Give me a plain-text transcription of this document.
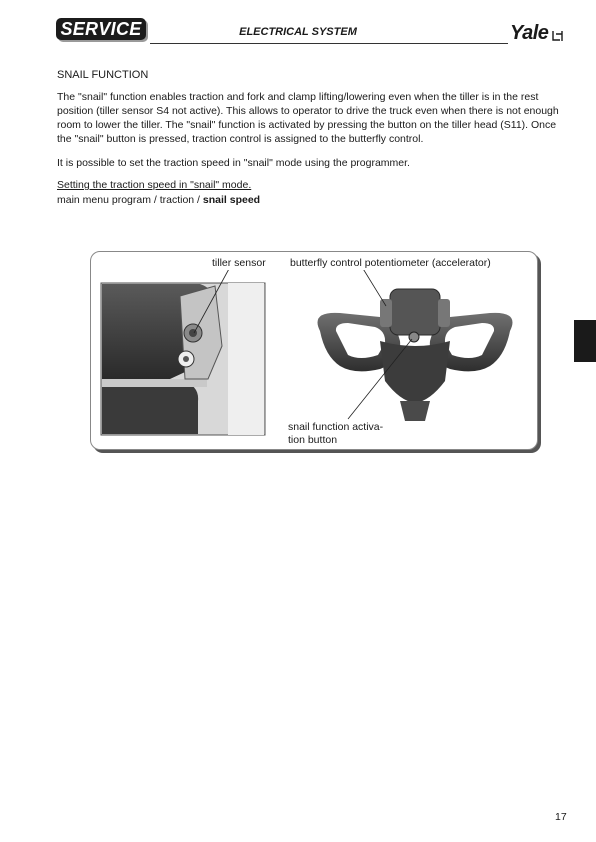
SERVICE	ELECTRICAL SYSTEM	Yale
SNAIL FUNCTION

The "snail" function enables traction and fork and clamp lifting/lowering even when the tiller is in the rest position (tiller sensor S4 not active). This allows to operator to drive the truck even when there is not enough room to lower the tiller. The "snail" function is activated by pressing the button on the tiller head (S11). Once the "snail" button is pressed, traction control is assigned to the butterfly control.

It is possible to set the traction speed in "snail" mode using the programmer.

Setting the traction speed in "snail" mode.
main menu program / traction / snail speed
tiller sensor butterfly control potentiometer (accelerator)
snail function activa- tion button
17
